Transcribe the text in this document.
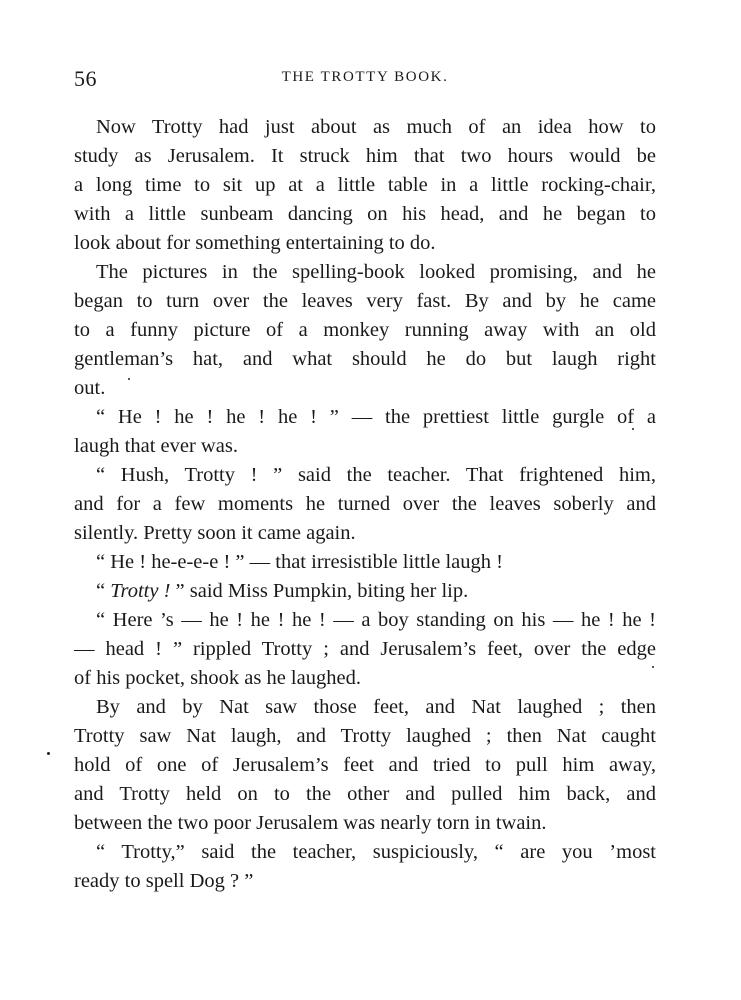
56	THE TROTTY BOOK.
Now Trotty had just about as much of an idea how to
study as Jerusalem. It struck him that two hours would be
a long time to sit up at a little table in a little rocking-chair,
with a little sunbeam dancing on his head, and he began to
look about for something entertaining to do.
The pictures in the spelling-book looked promising, and he
began to turn over the leaves very fast. By and by he came
to a funny picture of a monkey running away with an old
gentleman’s hat, and what should he do but laugh right
out.
“ He ! he ! he ! he ! ” — the prettiest little gurgle of a
laugh that ever was.
“ Hush, Trotty ! ” said the teacher. That frightened him,
and for a few moments he turned over the leaves soberly and
silently. Pretty soon it came again.
“ He ! he-e-e-e ! ” — that irresistible little laugh !
“ Trotty ! ” said Miss Pumpkin, biting her lip.
“ Here ’s — he ! he ! he ! — a boy standing on his — he ! he !
— head ! ” rippled Trotty ; and Jerusalem’s feet, over the edge
of his pocket, shook as he laughed.
By and by Nat saw those feet, and Nat laughed ; then
Trotty saw Nat laugh, and Trotty laughed ; then Nat caught
hold of one of Jerusalem’s feet and tried to pull him away,
and Trotty held on to the other and pulled him back, and
between the two poor Jerusalem was nearly torn in twain.
“ Trotty,” said the teacher, suspiciously, “ are you ’most
ready to spell Dog ? ”
